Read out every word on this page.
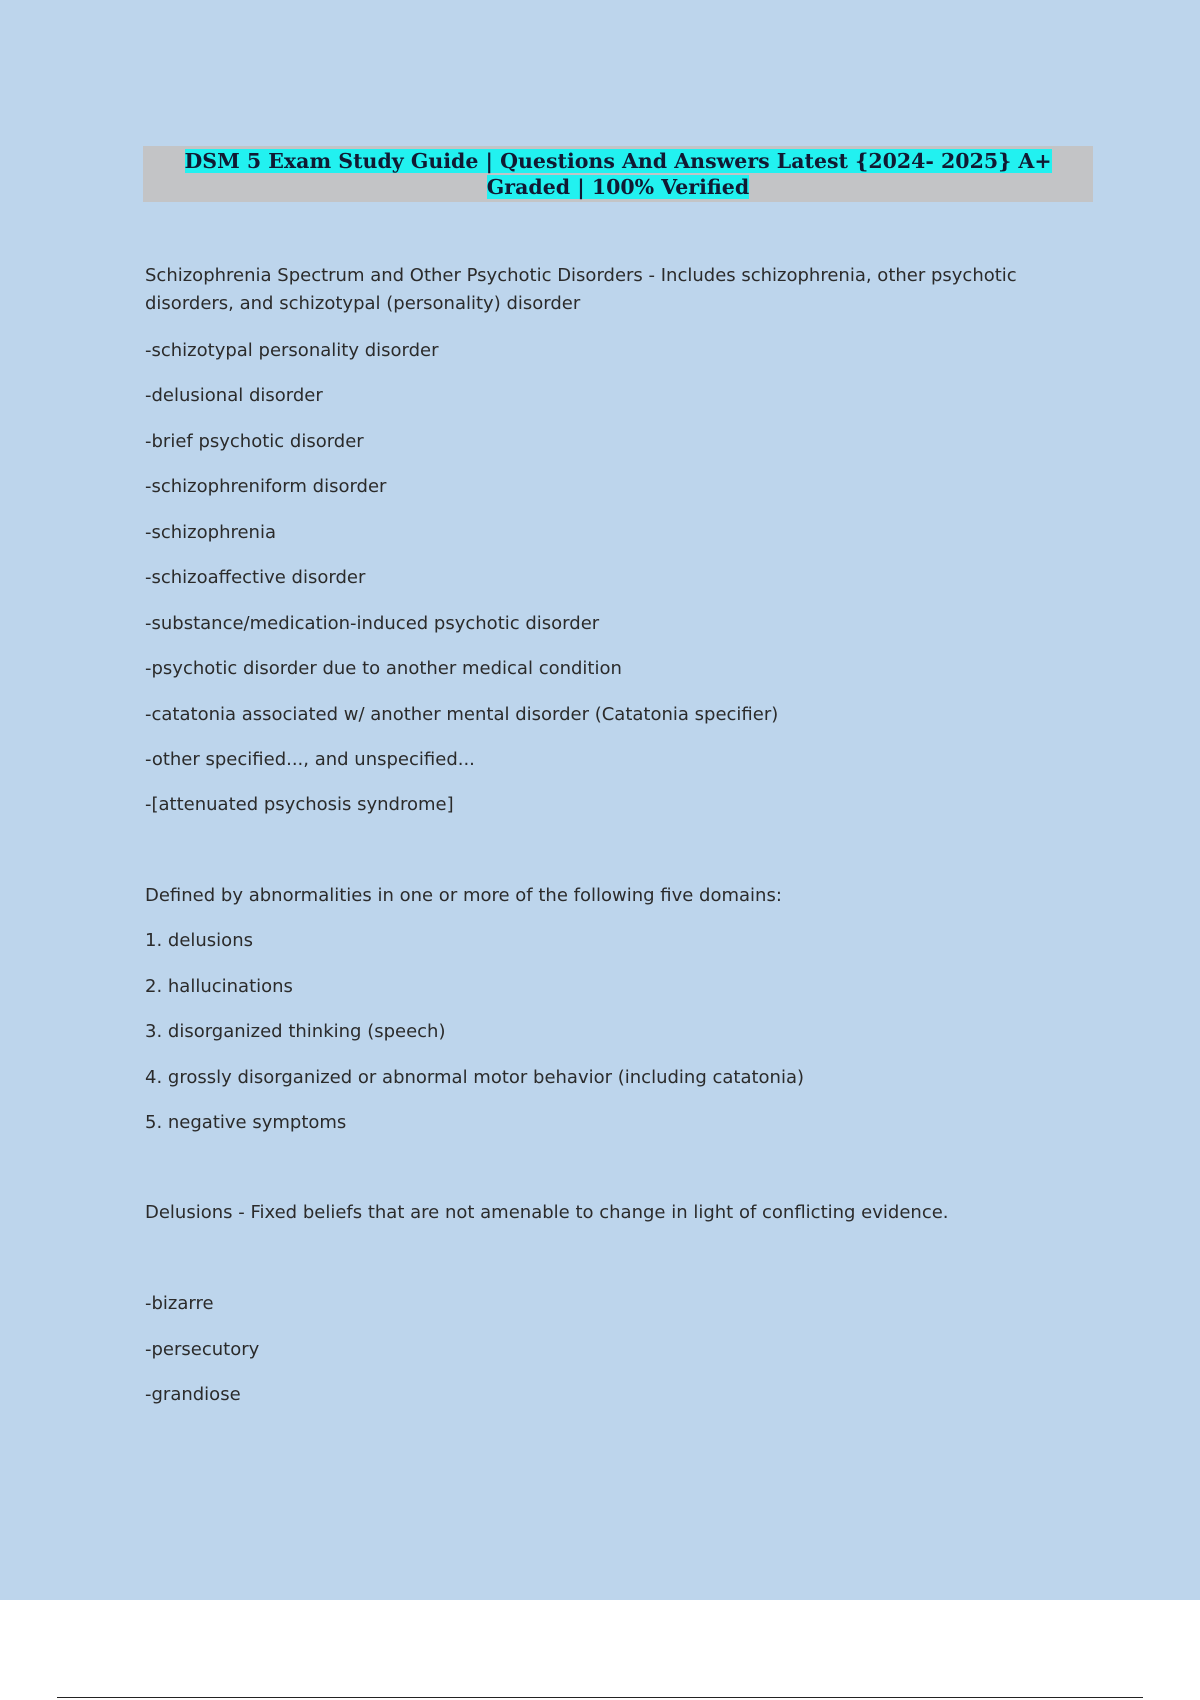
DSM 5 Exam Study Guide | Questions And Answers Latest {2024- 2025} A+ Graded | 100% Verified
Schizophrenia Spectrum and Other Psychotic Disorders - Includes schizophrenia, other psychotic disorders, and schizotypal (personality) disorder
-schizotypal personality disorder
-delusional disorder
-brief psychotic disorder
-schizophreniform disorder
-schizophrenia
-schizoaffective disorder
-substance/medication-induced psychotic disorder
-psychotic disorder due to another medical condition
-catatonia associated w/ another mental disorder (Catatonia specifier)
-other specified..., and unspecified...
-[attenuated psychosis syndrome]
Defined by abnormalities in one or more of the following five domains:
1. delusions
2. hallucinations
3. disorganized thinking (speech)
4. grossly disorganized or abnormal motor behavior (including catatonia)
5. negative symptoms
Delusions - Fixed beliefs that are not amenable to change in light of conflicting evidence.
-bizarre
-persecutory
-grandiose
